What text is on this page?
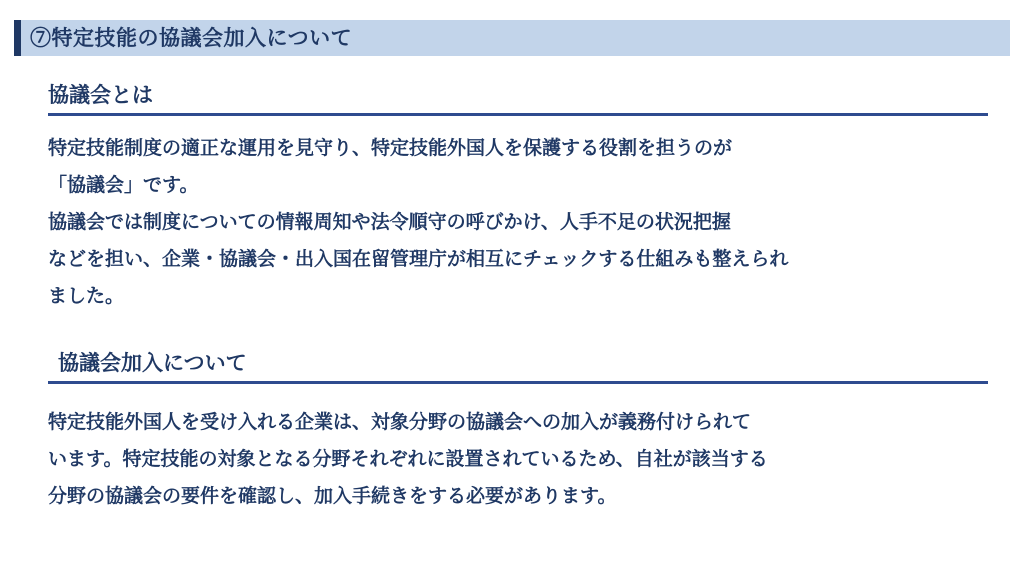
⑦特定技能の協議会加入について
協議会とは
特定技能制度の適正な運用を見守り、特定技能外国人を保護する役割を担うのが
「協議会」です。
協議会では制度についての情報周知や法令順守の呼びかけ、人手不足の状況把握
などを担い、企業・協議会・出入国在留管理庁が相互にチェックする仕組みも整えられ
ました。
協議会加入について
特定技能外国人を受け入れる企業は、対象分野の協議会への加入が義務付けられて
います。特定技能の対象となる分野それぞれに設置されているため、自社が該当する
分野の協議会の要件を確認し、加入手続きをする必要があります。
